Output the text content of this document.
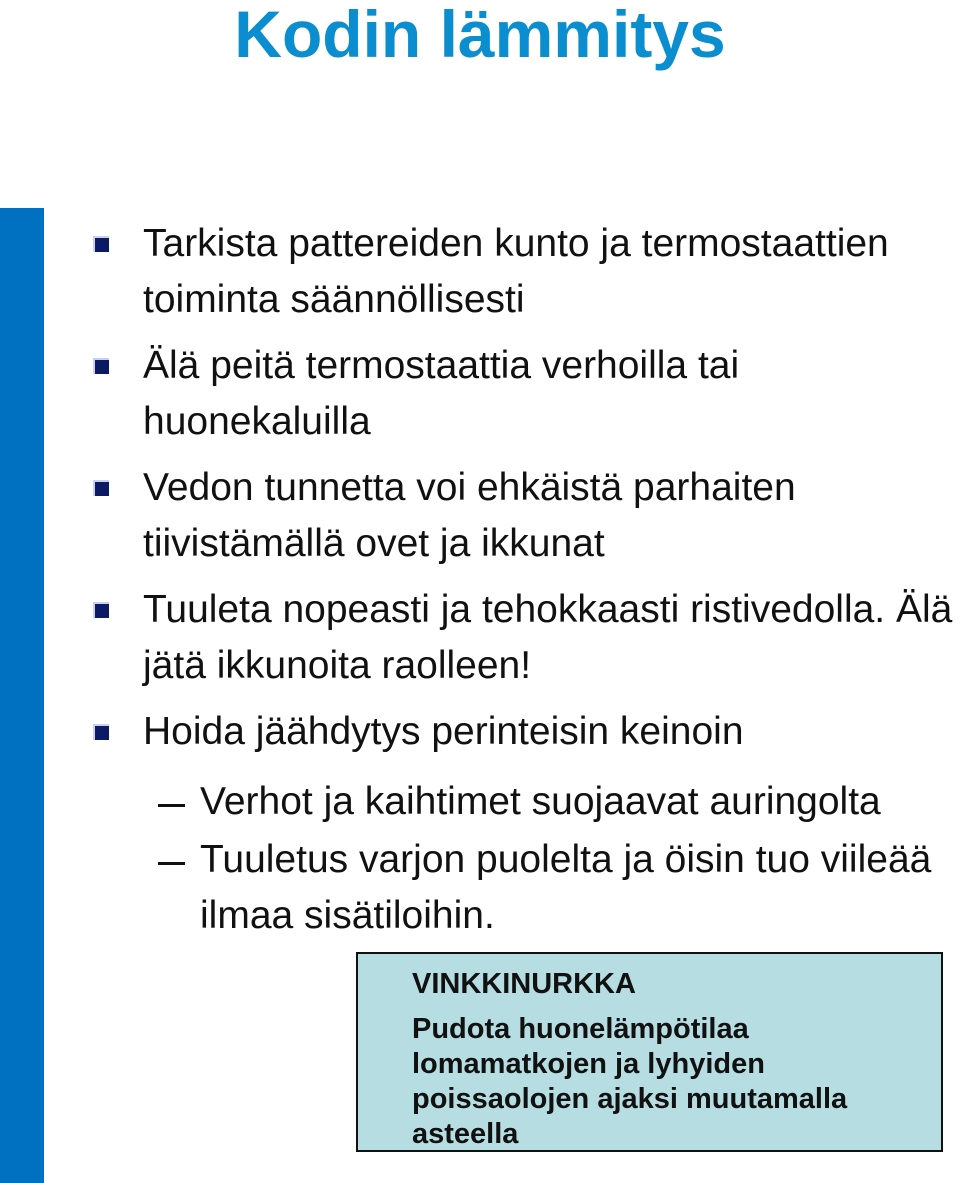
Kodin lämmitys
Tarkista pattereiden kunto ja termostaattien toiminta säännöllisesti
Älä peitä termostaattia verhoilla tai huonekaluilla
Vedon tunnetta voi ehkäistä parhaiten tiivistämällä ovet ja ikkunat
Tuuleta nopeasti ja tehokkaasti ristivedolla. Älä jätä ikkunoita raolleen!
Hoida jäähdytys perinteisin keinoin
Verhot ja kaihtimet suojaavat auringolta
Tuuletus varjon puolelta ja öisin tuo viileää ilmaa sisätiloihin.
VINKKINURKKA
Pudota huonelämpötilaa lomamatkojen ja lyhyiden poissaolojen ajaksi muutamalla asteella
